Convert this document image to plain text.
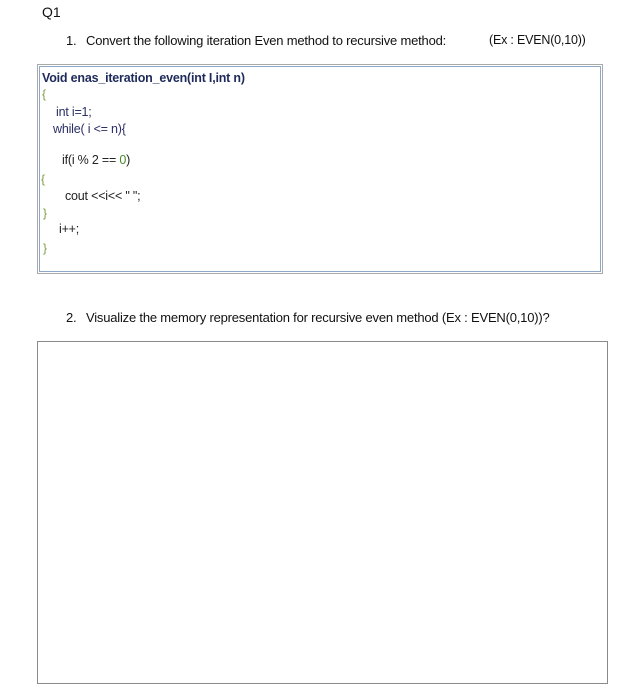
Q1
1. Convert the following iteration Even method to recursive method:	(Ex : EVEN(0,10))
Void enas_iteration_even(int I,int n)
{
int i=1;
while( i <= n){
if(i % 2 == 0)
{
cout <<i<< " ";
}
i++;
}
2. Visualize the memory representation for recursive even method (Ex : EVEN(0,10))?
